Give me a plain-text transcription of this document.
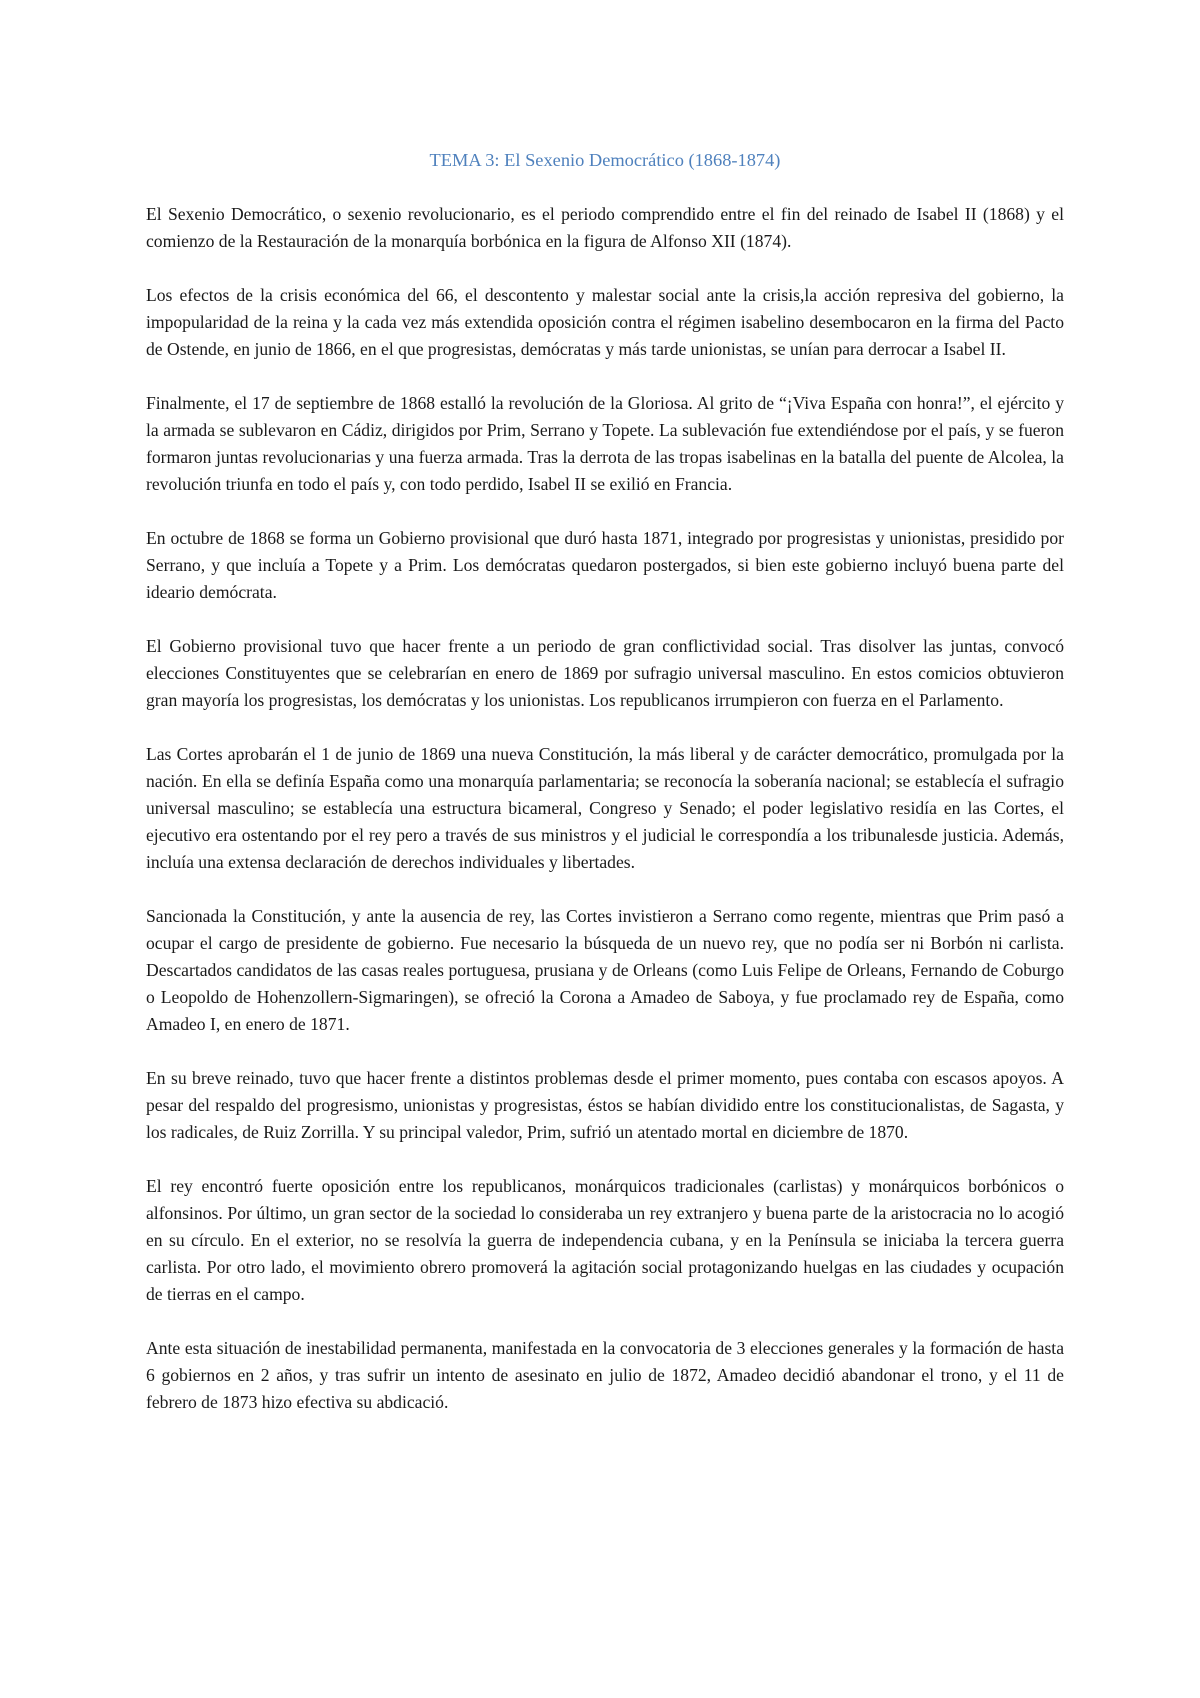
TEMA 3: El Sexenio Democrático (1868-1874)

El Sexenio Democrático, o sexenio revolucionario, es el periodo comprendido entre el fin del reinado de Isabel II (1868) y el comienzo de la Restauración de la monarquía borbónica en la figura de Alfonso XII (1874).

Los efectos de la crisis económica del 66, el descontento y malestar social ante la crisis,la acción represiva del gobierno, la impopularidad de la reina y la cada vez más extendida oposición contra el régimen isabelino desembocaron en la firma del Pacto de Ostende, en junio de 1866, en el que progresistas, demócratas y más tarde unionistas, se unían para derrocar a Isabel II.

Finalmente, el 17 de septiembre de 1868 estalló la revolución de la Gloriosa. Al grito de “¡Viva España con honra!”, el ejército y la armada se sublevaron en Cádiz, dirigidos por Prim, Serrano y Topete. La sublevación fue extendiéndose por el país, y se fueron formaron juntas revolucionarias y una fuerza armada. Tras la derrota de las tropas isabelinas en la batalla del puente de Alcolea, la revolución triunfa en todo el país y, con todo perdido, Isabel II se exilió en Francia.

En octubre de 1868 se forma un Gobierno provisional que duró hasta 1871, integrado por progresistas y unionistas, presidido por Serrano, y que incluía a Topete y a Prim. Los demócratas quedaron postergados, si bien este gobierno incluyó buena parte del ideario demócrata.

El Gobierno provisional tuvo que hacer frente a un periodo de gran conflictividad social. Tras disolver las juntas, convocó elecciones Constituyentes que se celebrarían en enero de 1869 por sufragio universal masculino. En estos comicios obtuvieron gran mayoría los progresistas, los demócratas y los unionistas. Los republicanos irrumpieron con fuerza en el Parlamento.

Las Cortes aprobarán el 1 de junio de 1869 una nueva Constitución, la más liberal y de carácter democrático, promulgada por la nación. En ella se definía España como una monarquía parlamentaria; se reconocía la soberanía nacional; se establecía el sufragio universal masculino; se establecía una estructura bicameral, Congreso y Senado; el poder legislativo residía en las Cortes, el ejecutivo era ostentando por el rey pero a través de sus ministros y el judicial le correspondía a los tribunalesde justicia. Además, incluía una extensa declaración de derechos individuales y libertades.

Sancionada la Constitución, y ante la ausencia de rey, las Cortes invistieron a Serrano como regente, mientras que Prim pasó a ocupar el cargo de presidente de gobierno. Fue necesario la búsqueda de un nuevo rey, que no podía ser ni Borbón ni carlista. Descartados candidatos de las casas reales portuguesa, prusiana y de Orleans (como Luis Felipe de Orleans, Fernando de Coburgo o Leopoldo de Hohenzollern-Sigmaringen), se ofreció la Corona a Amadeo de Saboya, y fue proclamado rey de España, como Amadeo I, en enero de 1871.

En su breve reinado, tuvo que hacer frente a distintos problemas desde el primer momento, pues contaba con escasos apoyos. A pesar del respaldo del progresismo, unionistas y progresistas, éstos se habían dividido entre los constitucionalistas, de Sagasta, y los radicales, de Ruiz Zorrilla. Y su principal valedor, Prim, sufrió un atentado mortal en diciembre de 1870.

El rey encontró fuerte oposición entre los republicanos, monárquicos tradicionales (carlistas) y monárquicos borbónicos o alfonsinos. Por último, un gran sector de la sociedad lo consideraba un rey extranjero y buena parte de la aristocracia no lo acogió en su círculo. En el exterior, no se resolvía la guerra de independencia cubana, y en la Península se iniciaba la tercera guerra carlista. Por otro lado, el movimiento obrero promoverá la agitación social protagonizando huelgas en las ciudades y ocupación de tierras en el campo.

Ante esta situación de inestabilidad permanenta, manifestada en la convocatoria de 3 elecciones generales y la formación de hasta 6 gobiernos en 2 años, y tras sufrir un intento de asesinato en julio de 1872, Amadeo decidió abandonar el trono, y el 11 de febrero de 1873 hizo efectiva su abdicació.
